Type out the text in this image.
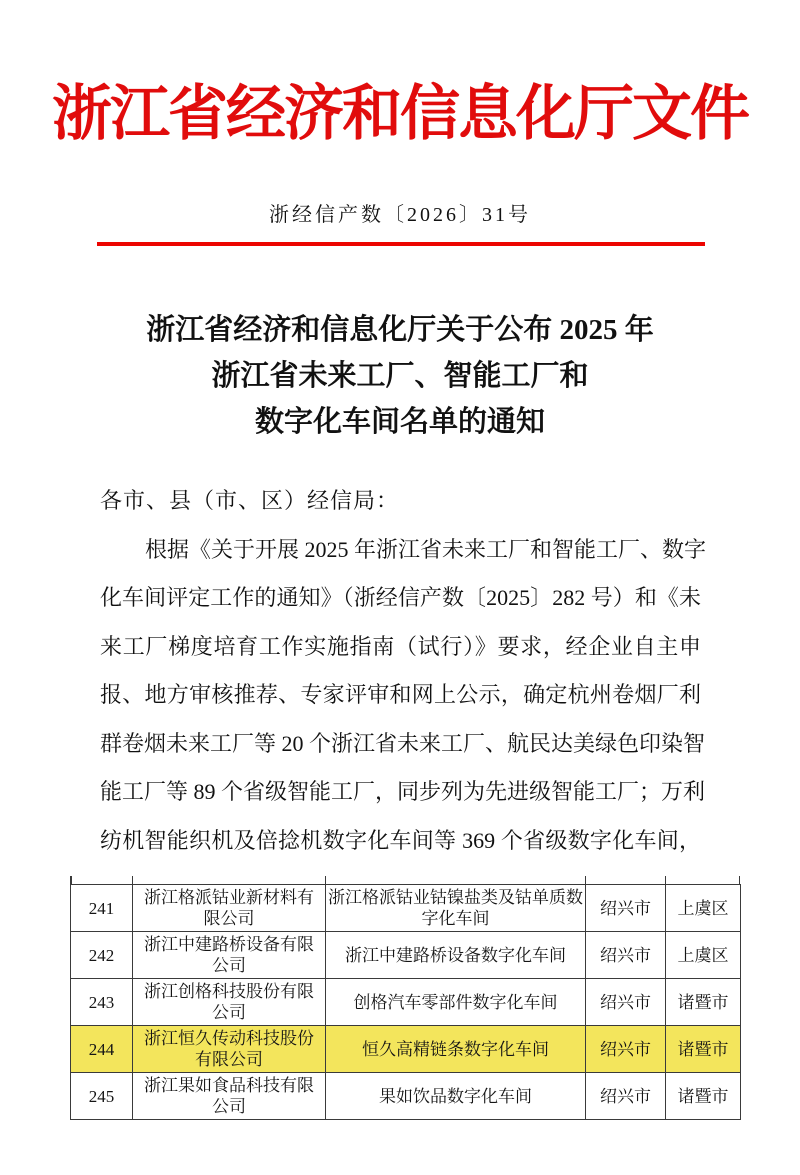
浙江省经济和信息化厅文件
浙经信产数〔2026〕31号
浙江省经济和信息化厅关于公布 2025 年
浙江省未来工厂、智能工厂和
数字化车间名单的通知
各市、县（市、区）经信局：
根据《关于开展 2025 年浙江省未来工厂和智能工厂、数字
化车间评定工作的通知》（浙经信产数〔2025〕282 号）和《未
来工厂梯度培育工作实施指南（试行）》要求，经企业自主申
报、地方审核推荐、专家评审和网上公示，确定杭州卷烟厂利
群卷烟未来工厂等 20 个浙江省未来工厂、航民达美绿色印染智
能工厂等 89 个省级智能工厂，同步列为先进级智能工厂；万利
纺机智能织机及倍捻机数字化车间等 369 个省级数字化车间，
241	浙江格派钴业新材料有限公司	浙江格派钴业钴镍盐类及钴单质数字化车间	绍兴市	上虞区
242	浙江中建路桥设备有限公司	浙江中建路桥设备数字化车间	绍兴市	上虞区
243	浙江创格科技股份有限公司	创格汽车零部件数字化车间	绍兴市	诸暨市
244	浙江恒久传动科技股份有限公司	恒久高精链条数字化车间	绍兴市	诸暨市
245	浙江果如食品科技有限公司	果如饮品数字化车间	绍兴市	诸暨市
